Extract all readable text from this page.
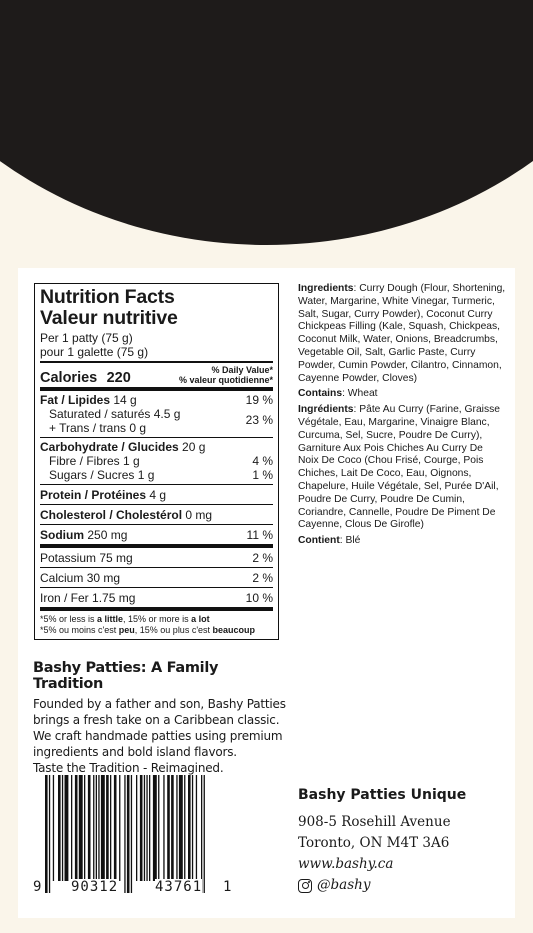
Nutrition Facts
Valeur nutritive
Per 1 patty (75 g)
pour 1 galette (75 g)
Calories 220	% Daily Value*
% valeur quotidienne*
Fat / Lipides 14 g	19 %
Saturated / saturés 4.5 g	23 %
+ Trans / trans 0 g
Carbohydrate / Glucides 20 g
Fibre / Fibres 1 g	4 %
Sugars / Sucres 1 g	1 %
Protein / Protéines 4 g
Cholesterol / Cholestérol 0 mg
Sodium 250 mg	11 %
Potassium 75 mg	2 %
Calcium 30 mg	2 %
Iron / Fer 1.75 mg	10 %
*5% or less is a little, 15% or more is a lot
*5% ou moins c'est peu, 15% ou plus c'est beaucoup

Ingredients: Curry Dough (Flour, Shortening, Water, Margarine, White Vinegar, Turmeric, Salt, Sugar, Curry Powder), Coconut Curry Chickpeas Filling (Kale, Squash, Chickpeas, Coconut Milk, Water, Onions, Breadcrumbs, Vegetable Oil, Salt, Garlic Paste, Curry Powder, Cumin Powder, Cilantro, Cinnamon, Cayenne Powder, Cloves)

Contains: Wheat

Ingrédients: Pâte Au Curry (Farine, Graisse Végétale, Eau, Margarine, Vinaigre Blanc, Curcuma, Sel, Sucre, Poudre De Curry), Garniture Aux Pois Chiches Au Curry De Noix De Coco (Chou Frisé, Courge, Pois Chiches, Lait De Coco, Eau, Oignons, Chapelure, Huile Végétale, Sel, Purée D'Ail, Poudre De Curry, Poudre De Cumin, Coriandre, Cannelle, Poudre De Piment De Cayenne, Clous De Girofle)

Contient: Blé

Bashy Patties: A Family Tradition

Founded by a father and son, Bashy Patties brings a fresh take on a Caribbean classic. We craft handmade patties using premium ingredients and bold island flavors.

Taste the Tradition - Reimagined.

9 90312	43761 1
Bashy Patties Unique
908-5 Rosehill Avenue
Toronto, ON M4T 3A6
www.bashy.ca
@bashy
